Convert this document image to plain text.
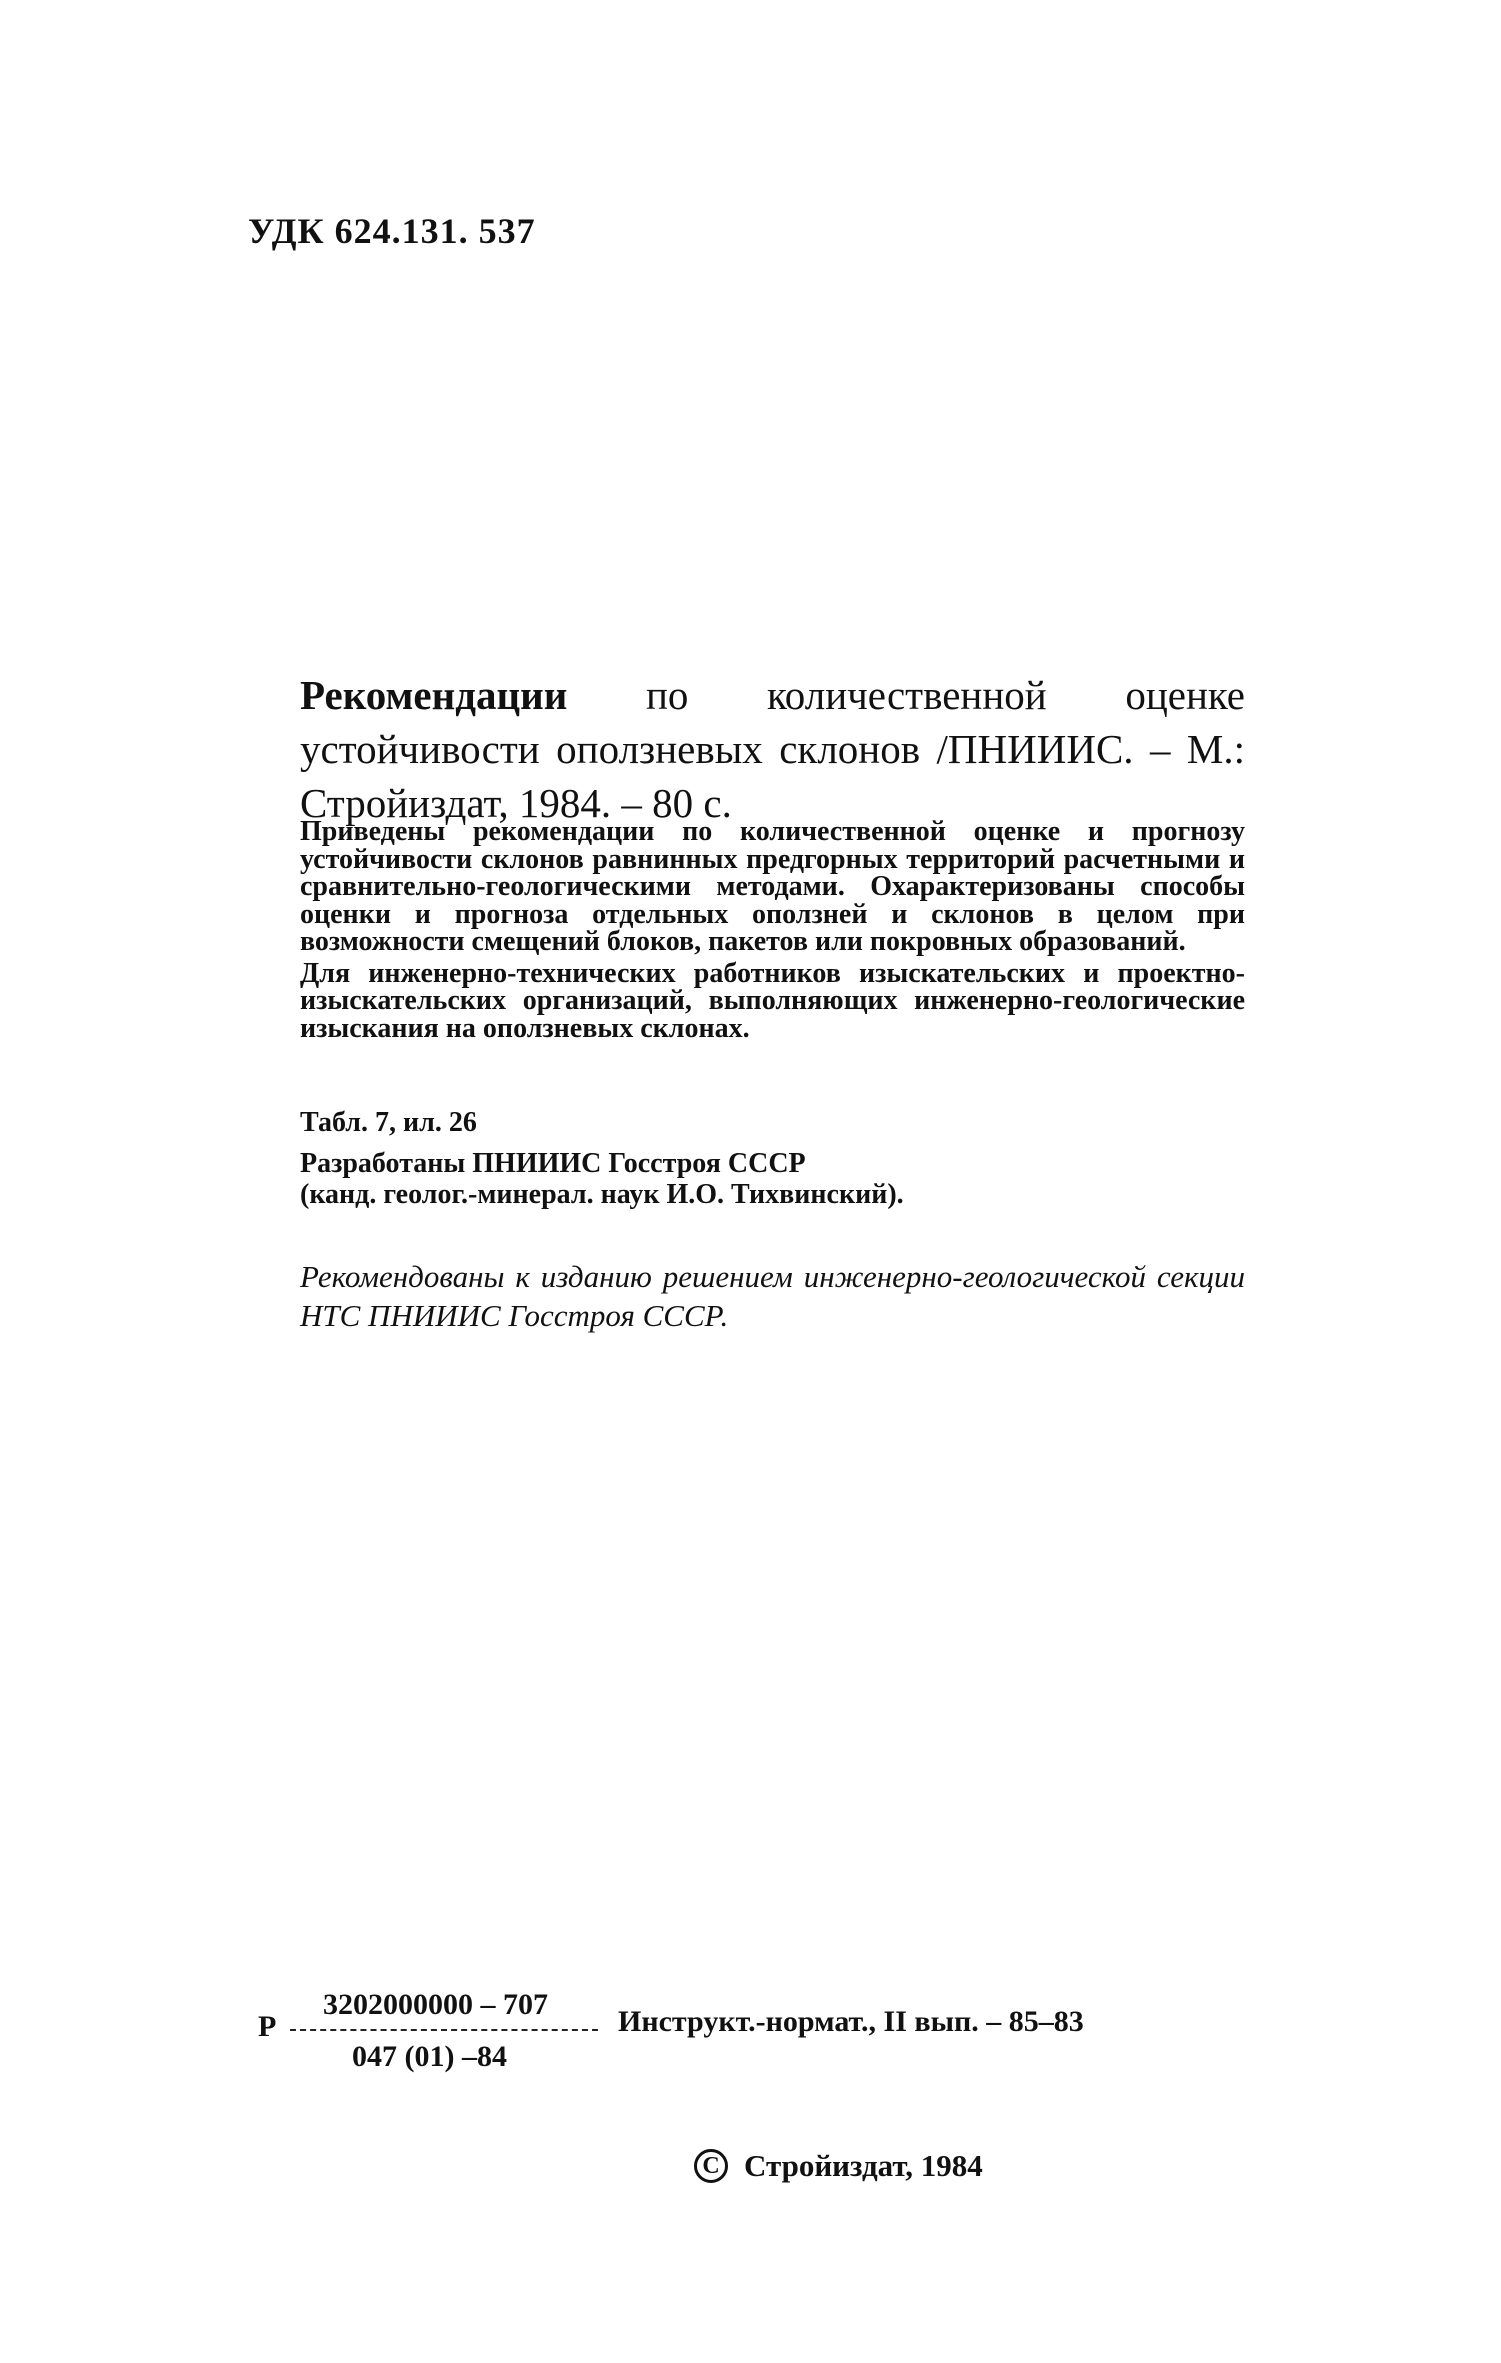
УДК 624.131. 537
Рекомендации по количественной оценке устойчивости оползневых склонов /ПНИИИС. – М.: Стройиздат, 1984. – 80 с.

Приведены рекомендации по количественной оценке и прогнозу устойчивости склонов равнинных предгорных территорий расчетными и сравнительно-геологическими методами. Охарактеризованы способы оценки и прогноза отдельных оползней и склонов в целом при возможности смещений блоков, пакетов или покровных образований.

Для инженерно-технических работников изыскательских и проектно-изыскательских организаций, выполняющих инженерно-геологические изыскания на оползневых склонах.

Табл. 7, ил. 26
Разработаны ПНИИИС Госстроя СССР
(канд. геолог.-минерал. наук И.О. Тихвинский).
Рекомендованы к изданию решением инженерно-геологической секции НТС ПНИИИС Госстроя СССР.
Р
3202000000 – 707
047 (01) –84
Инструкт.-нормат., II вып. – 85–83
C Стройиздат, 1984
